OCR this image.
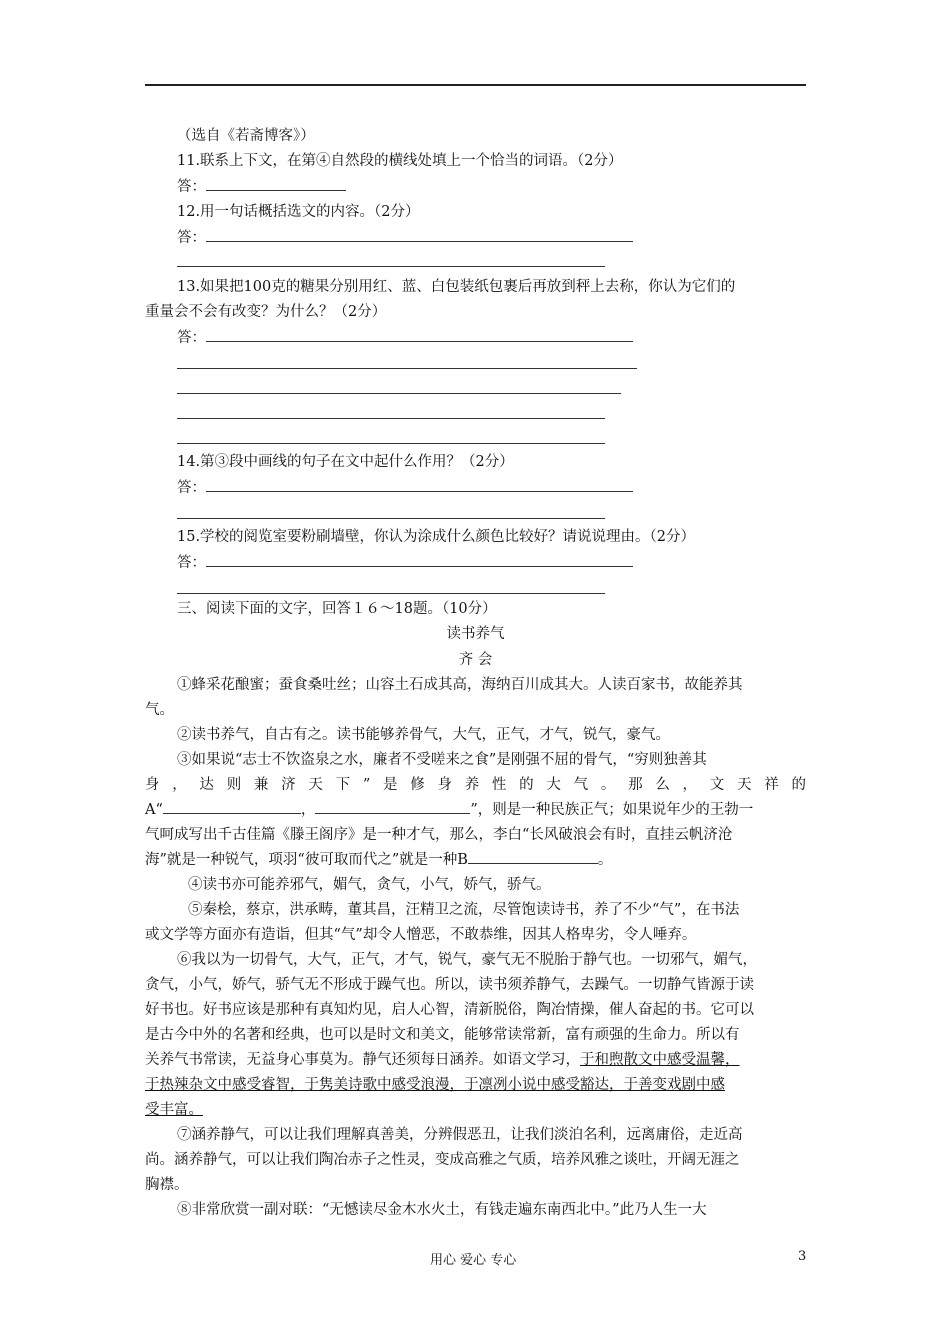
（选自《若斋博客》）
11.联系上下文，在第④自然段的横线处填上一个恰当的词语。（2分）
答：
12.用一句话概括选文的内容。（2分）
答：
13.如果把100克的糖果分别用红、蓝、白包装纸包裹后再放到秤上去称，你认为它们的
重量会不会有改变？为什么？（2分）
答：
14.第③段中画线的句子在文中起什么作用？（2分）
答：
15.学校的阅览室要粉刷墙壁，你认为涂成什么颜色比较好？请说说理由。（2分）
答：
三、阅读下面的文字，回答１６～18题。（10分）
读书养气
齐 会
①蜂采花酿蜜；蚕食桑吐丝；山容土石成其高，海纳百川成其大。人读百家书，故能养其
气。
②读书养气，自古有之。读书能够养骨气，大气，正气，才气，锐气，豪气。
③如果说“志士不饮盗泉之水，廉者不受嗟来之食”是刚强不屈的骨气，“穷则独善其
身，达则兼济天下”是修身养性的大气。那么，文天祥的
A“	，	”，则是一种民族正气；如果说年少的王勃一
气呵成写出千古佳篇《滕王阁序》是一种才气，那么，李白“长风破浪会有时，直挂云帆济沧
海”就是一种锐气，项羽“彼可取而代之”就是一种B	。
④读书亦可能养邪气，媚气，贪气，小气，娇气，骄气。
⑤秦桧，蔡京，洪承畴，董其昌，汪精卫之流，尽管饱读诗书，养了不少“气”，在书法
或文学等方面亦有造诣，但其“气”却令人憎恶，不敢恭维，因其人格卑劣，令人唾弃。
⑥我以为一切骨气，大气，正气，才气，锐气，豪气无不脱胎于静气也。一切邪气，媚气，
贪气，小气，娇气，骄气无不形成于躁气也。所以，读书须养静气，去躁气。一切静气皆源于读
好书也。好书应该是那种有真知灼见，启人心智，清新脱俗，陶冶情操，催人奋起的书。它可以
是古今中外的名著和经典，也可以是时文和美文，能够常读常新，富有顽强的生命力。所以有
关养气书常读，无益身心事莫为。静气还须每日涵养。如语文学习，于和煦散文中感受温馨，
于热辣杂文中感受睿智，于隽美诗歌中感受浪漫，于凛冽小说中感受豁达，于善变戏剧中感
受丰富。
⑦涵养静气，可以让我们理解真善美，分辨假恶丑，让我们淡泊名利，远离庸俗，走近高
尚。涵养静气，可以让我们陶冶赤子之性灵，变成高雅之气质，培养风雅之谈吐，开阔无涯之
胸襟。
⑧非常欣赏一副对联：“无憾读尽金木水火土，有钱走遍东南西北中。”此乃人生一大
用心 爱心 专心	3
